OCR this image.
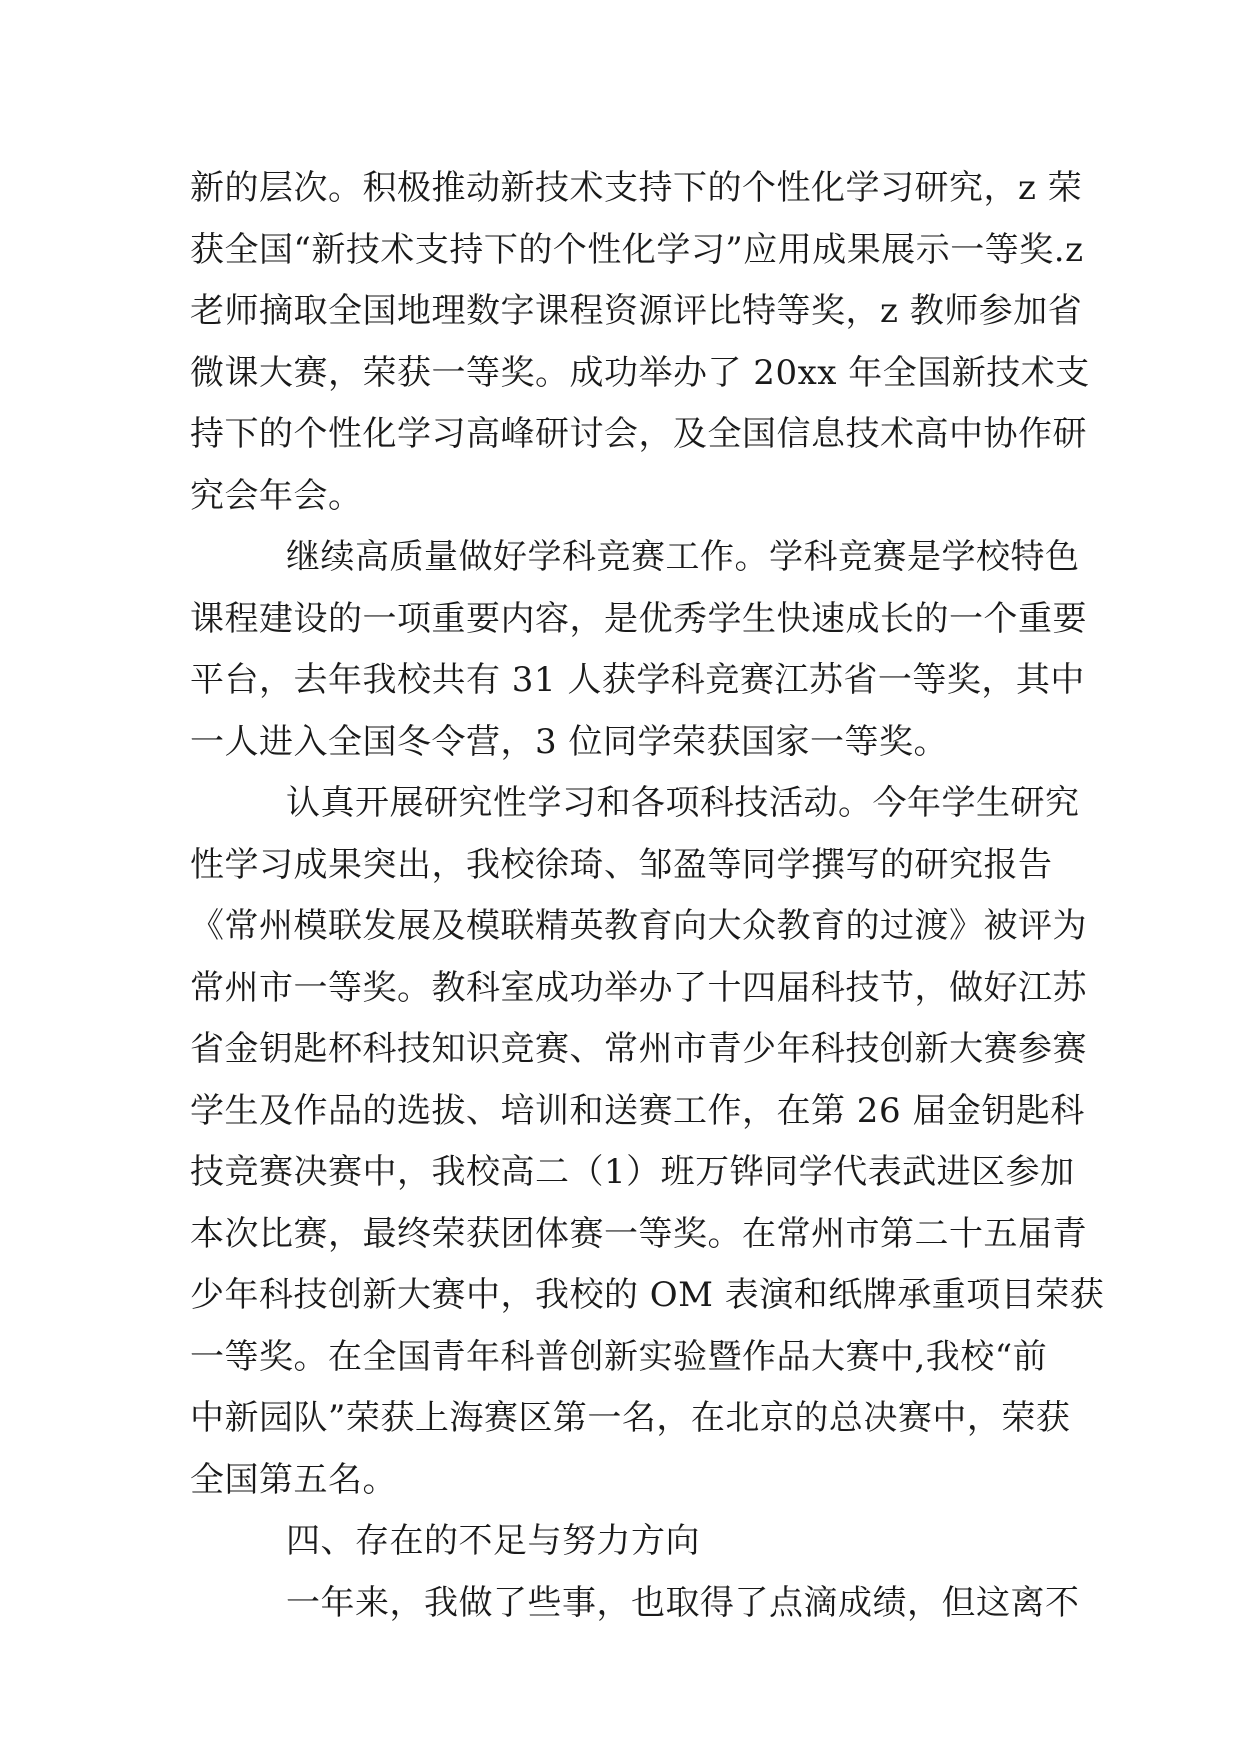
新的层次。积极推动新技术支持下的个性化学习研究，z 荣
获全国“新技术支持下的个性化学习”应用成果展示一等奖.z
老师摘取全国地理数字课程资源评比特等奖，z 教师参加省
微课大赛，荣获一等奖。成功举办了 20xx 年全国新技术支
持下的个性化学习高峰研讨会，及全国信息技术高中协作研
究会年会。
继续高质量做好学科竞赛工作。学科竞赛是学校特色
课程建设的一项重要内容，是优秀学生快速成长的一个重要
平台，去年我校共有 31 人获学科竞赛江苏省一等奖，其中
一人进入全国冬令营，3 位同学荣获国家一等奖。
认真开展研究性学习和各项科技活动。今年学生研究
性学习成果突出，我校徐琦、邹盈等同学撰写的研究报告
《常州模联发展及模联精英教育向大众教育的过渡》被评为
常州市一等奖。教科室成功举办了十四届科技节，做好江苏
省金钥匙杯科技知识竞赛、常州市青少年科技创新大赛参赛
学生及作品的选拔、培训和送赛工作，在第 26 届金钥匙科
技竞赛决赛中，我校高二（1）班万铧同学代表武进区参加
本次比赛，最终荣获团体赛一等奖。在常州市第二十五届青
少年科技创新大赛中，我校的 OM 表演和纸牌承重项目荣获
一等奖。在全国青年科普创新实验暨作品大赛中,我校“前
中新园队”荣获上海赛区第一名，在北京的总决赛中，荣获
全国第五名。
四、存在的不足与努力方向
一年来，我做了些事，也取得了点滴成绩，但这离不
